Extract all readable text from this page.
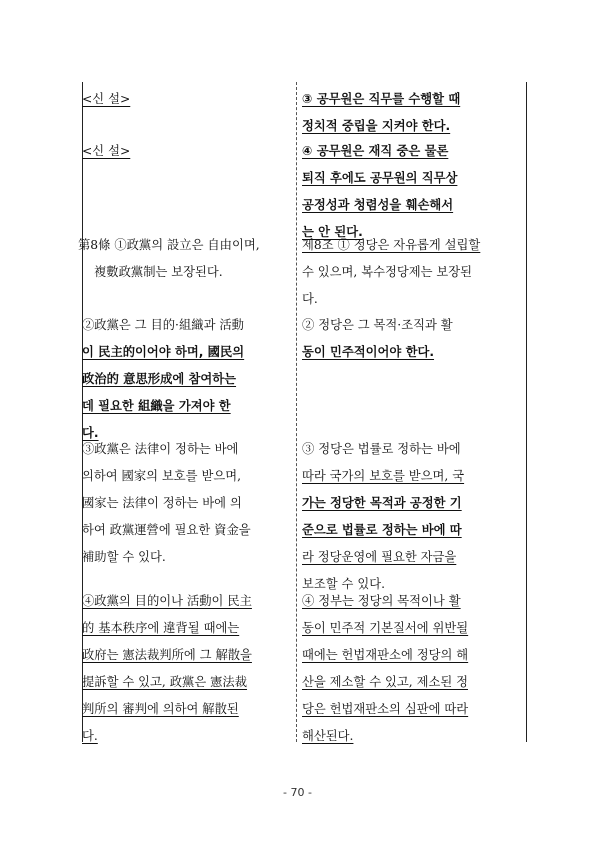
<신 설>	③ 공무원은 직무를 수행할 때
정치적 중립을 지켜야 한다.
<신 설>	④ 공무원은 재직 중은 물론
퇴직 후에도 공무원의 직무상
공정성과 청렴성을 훼손해서
는 안 된다.
第8條 ①政黨의 設立은 自由이며,
複數政黨制는 보장된다.
제8조 ① 정당은 자유롭게 설립할
수 있으며, 복수정당제는 보장된
다.
②政黨은 그 目的·組織과 活動
이 民主的이어야 하며, 國民의
政治的 意思形成에 참여하는
데 필요한 組織을 가져야 한
다.
② 정당은 그 목적·조직과 활
동이 민주적이어야 한다.
③政黨은 法律이 정하는 바에
의하여 國家의 보호를 받으며,
國家는 法律이 정하는 바에 의
하여 政黨運營에 필요한 資金을
補助할 수 있다.
③ 정당은 법률로 정하는 바에
따라 국가의 보호를 받으며, 국
가는 정당한 목적과 공정한 기
준으로 법률로 정하는 바에 따
라 정당운영에 필요한 자금을
보조할 수 있다.
④政黨의 目的이나 活動이 民主
的 基本秩序에 違背될 때에는
政府는 憲法裁判所에 그 解散을
提訴할 수 있고, 政黨은 憲法裁
判所의 審判에 의하여 解散된
다.
④ 정부는 정당의 목적이나 활
동이 민주적 기본질서에 위반될
때에는 헌법재판소에 정당의 해
산을 제소할 수 있고, 제소된 정
당은 헌법재판소의 심판에 따라
해산된다.
- 70 -
